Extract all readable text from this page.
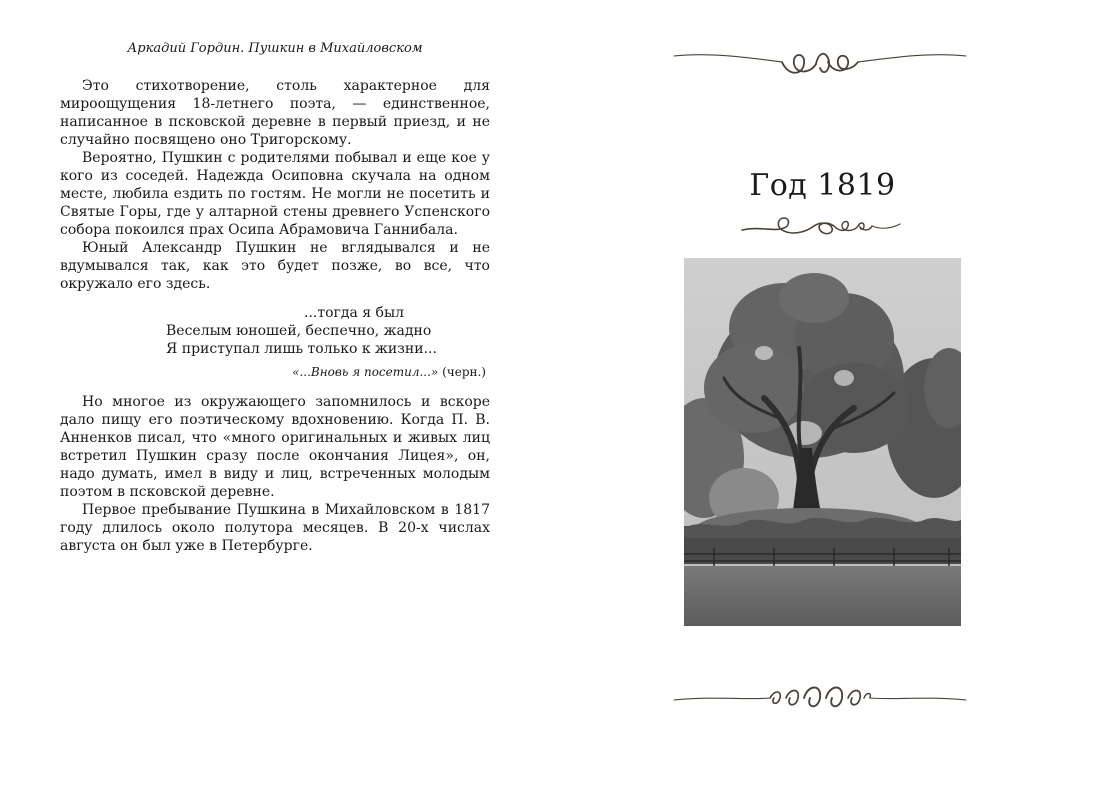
Аркадий Гордин. Пушкин в Михайловском

Это стихотворение, столь характерное для мироощущения 18-летнего поэта, — единственное, написанное в псковской деревне в первый приезд, и не случайно посвящено оно Тригорскому.

Вероятно, Пушкин с родителями побывал и еще кое у кого из соседей. Надежда Осиповна скучала на одном месте, любила ездить по гостям. Не могли не посетить и Святые Горы, где у алтарной стены древнего Успенского собора покоился прах Осипа Абрамовича Ганнибала.

Юный Александр Пушкин не вглядывался и не вдумывался так, как это будет позже, во все, что окружало его здесь.

...тогда я был
Веселым юношей, беспечно, жадно
Я приступал лишь только к жизни...
«...Вновь я посетил...» (черн.)

Но многое из окружающего запомнилось и вскоре дало пищу его поэтическому вдохновению. Когда П. В. Анненков писал, что «много оригинальных и живых лиц встретил Пушкин сразу после окончания Лицея», он, надо думать, имел в виду и лиц, встреченных молодым поэтом в псковской деревне.

Первое пребывание Пушкина в Михайловском в 1817 году длилось около полутора месяцев. В 20-х числах августа он был уже в Петербурге.

Год 1819
